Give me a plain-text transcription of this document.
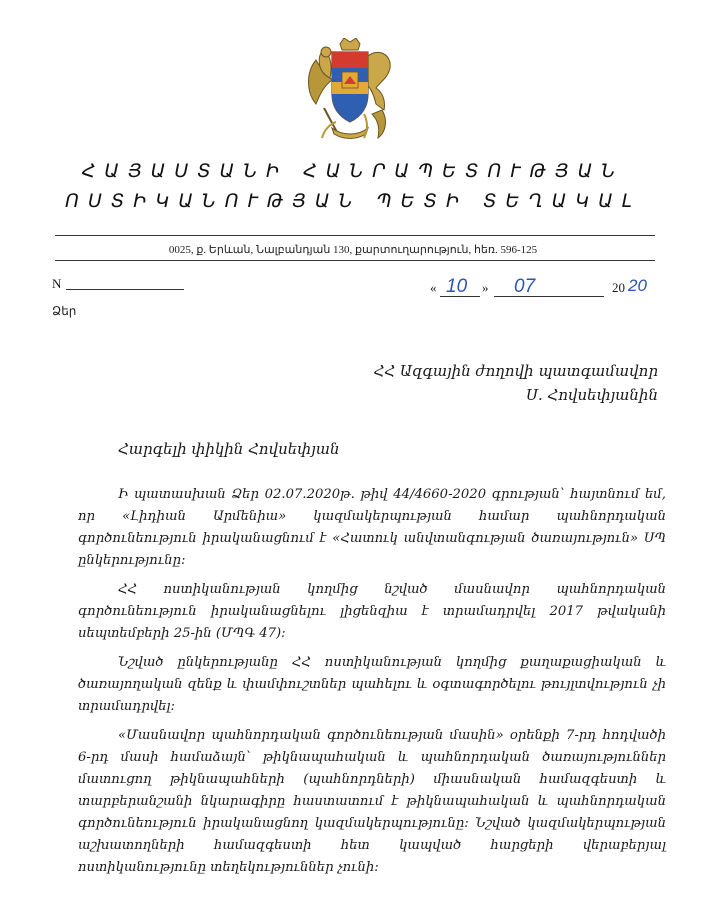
ՀԱՅԱՍՏԱՆԻ ՀԱՆՐԱՊԵՏՈՒԹՅԱՆ
ՈՍՏԻԿԱՆՈՒԹՅԱՆ ՊԵՏԻ ՏԵՂԱԿԱԼ
0025, ք. Երևան, Նալբանդյան 130, քարտուղարություն, հեռ. 596-125
N
Ձեր
« 10 » 07	20 20
ՀՀ Ազգային ժողովի պատգամավոր
Ս. Հովսեփյանին
Հարգելի փիկին Հովսեփյան

Ի պատասխան Ձեր 02.07.2020թ. թիվ 44/4660-2020 գրության՝ հայտնում եմ, որ «Լիդիան Արմենիա» կազմակերպության համար պահնորդական գործունեություն իրականացնում է «Հատուկ անվտանգության ծառայություն» ՍՊ ընկերությունը:

ՀՀ ոստիկանության կողմից նշված մասնավոր պահնորդական գործունեություն իրականացնելու լիցենզիա է տրամադրվել 2017 թվականի սեպտեմբերի 25-ին (ՄՊԳ 47):

Նշված ընկերությանը ՀՀ ոստիկանության կողմից քաղաքացիական և ծառայողական զենք և փամփուշտներ պահելու և օգտագործելու թույլտվություն չի տրամադրվել:

«Մասնավոր պահնորդական գործունեության մասին» օրենքի 7-րդ հոդվածի 6-րդ մասի համաձայն՝ թիկնապահական և պահնորդական ծառայություններ մատուցող թիկնապահների (պահնորդների) միասնական համազգեստի և տարբերանշանի նկարագիրը հաստատում է թիկնապահական և պահնորդական գործունեություն իրականացնող կազմակերպությունը: Նշված կազմակերպության աշխատողների համազգեստի հետ կապված հարցերի վերաբերյալ ոստիկանությունը տեղեկություններ չունի:
